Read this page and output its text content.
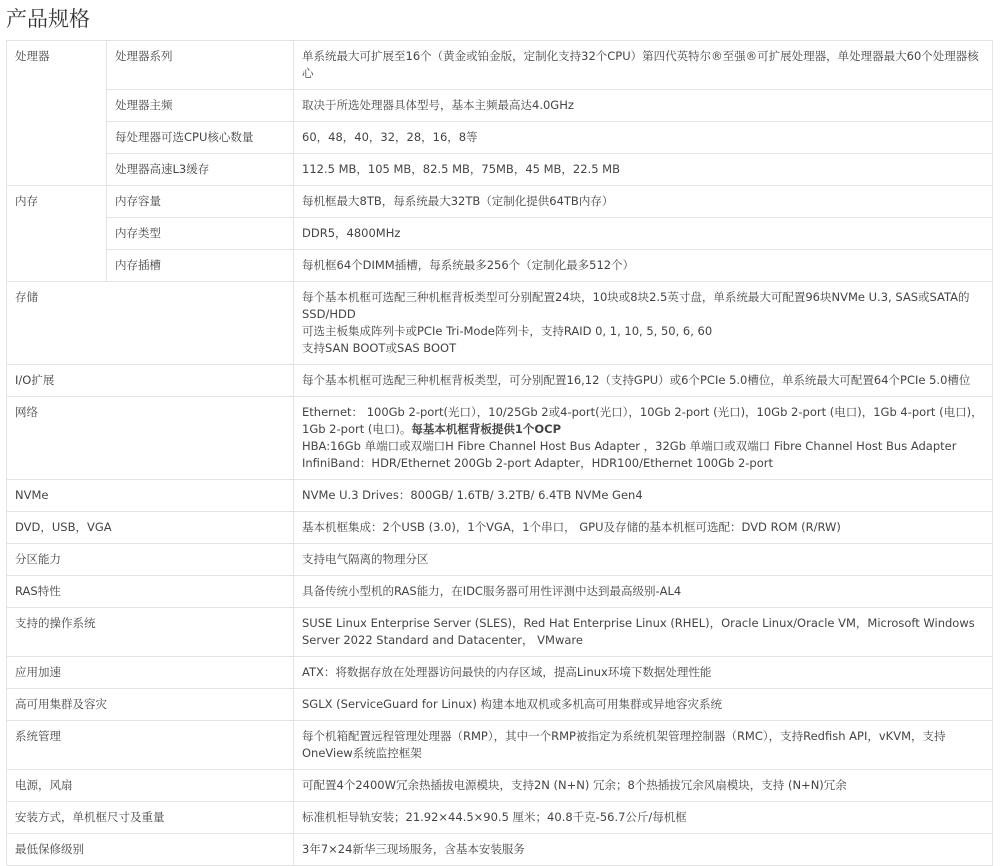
产品规格
处理器	处理器系列	单系统最大可扩展至16个（黄金或铂金版，定制化支持32个CPU）第四代英特尔®至强®可扩展处理器，单处理器最大60个处理器核心
	处理器主频	取决于所选处理器具体型号，基本主频最高达4.0GHz
	每处理器可选CPU核心数量	60，48，40，32，28，16，8等
	处理器高速L3缓存	112.5 MB，105 MB，82.5 MB，75MB，45 MB，22.5 MB
内存	内存容量	每机框最大8TB，每系统最大32TB（定制化提供64TB内存）
	内存类型	DDR5，4800MHz
	内存插槽	每机框64个DIMM插槽，每系统最多256个（定制化最多512个）
存储		每个基本机框可选配三种机框背板类型可分别配置24块，10块或8块2.5英寸盘，单系统最大可配置96块NVMe U.3, SAS或SATA的SSD/HDD
可选主板集成阵列卡或PCIe Tri-Mode阵列卡，支持RAID 0, 1, 10, 5, 50, 6, 60
支持SAN BOOT或SAS BOOT

I/O扩展		每个基本机框可选配三种机框背板类型，可分别配置16,12（支持GPU）或6个PCIe 5.0槽位，单系统最大可配置64个PCIe 5.0槽位
网络		Ethernet： 100Gb 2-port(光口），10/25Gb 2或4-port(光口），10Gb 2-port (光口)，10Gb 2-port (电口)，1Gb 4-port (电口)，1Gb 2-port (电口)。每基本机框背板提供1个OCP
HBA:16Gb 单端口或双端口H Fibre Channel Host Bus Adapter ，32Gb 单端口或双端口 Fibre Channel Host Bus Adapter
InfiniBand：HDR/Ethernet 200Gb 2-port Adapter，HDR100/Ethernet 100Gb 2-port

NVMe		NVMe U.3 Drives：800GB/ 1.6TB/ 3.2TB/ 6.4TB NVMe Gen4
DVD，USB，VGA		基本机框集成：2个USB (3.0)，1个VGA，1个串口， GPU及存储的基本机框可选配：DVD ROM (R/RW)
分区能力		支持电气隔离的物理分区
RAS特性		具备传统小型机的RAS能力，在IDC服务器可用性评测中达到最高级别-AL4
支持的操作系统		SUSE Linux Enterprise Server (SLES)，Red Hat Enterprise Linux (RHEL)，Oracle Linux/Oracle VM，Microsoft Windows Server 2022 Standard and Datacenter， VMware
应用加速		ATX：将数据存放在处理器访问最快的内存区域，提高Linux环境下数据处理性能
高可用集群及容灾		SGLX (ServiceGuard for Linux) 构建本地双机或多机高可用集群或异地容灾系统
系统管理		每个机箱配置远程管理处理器（RMP），其中一个RMP被指定为系统机架管理控制器（RMC），支持Redfish API，vKVM，支持OneView系统监控框架
电源，风扇		可配置4个2400W冗余热插拔电源模块，支持2N (N+N) 冗余；8个热插拔冗余风扇模块，支持 (N+N)冗余
安装方式，单机框尺寸及重量		标准机柜导轨安装；21.92×44.5×90.5 厘米；40.8千克-56.7公斤/每机框
最低保修级别		3年7×24新华三现场服务，含基本安装服务
